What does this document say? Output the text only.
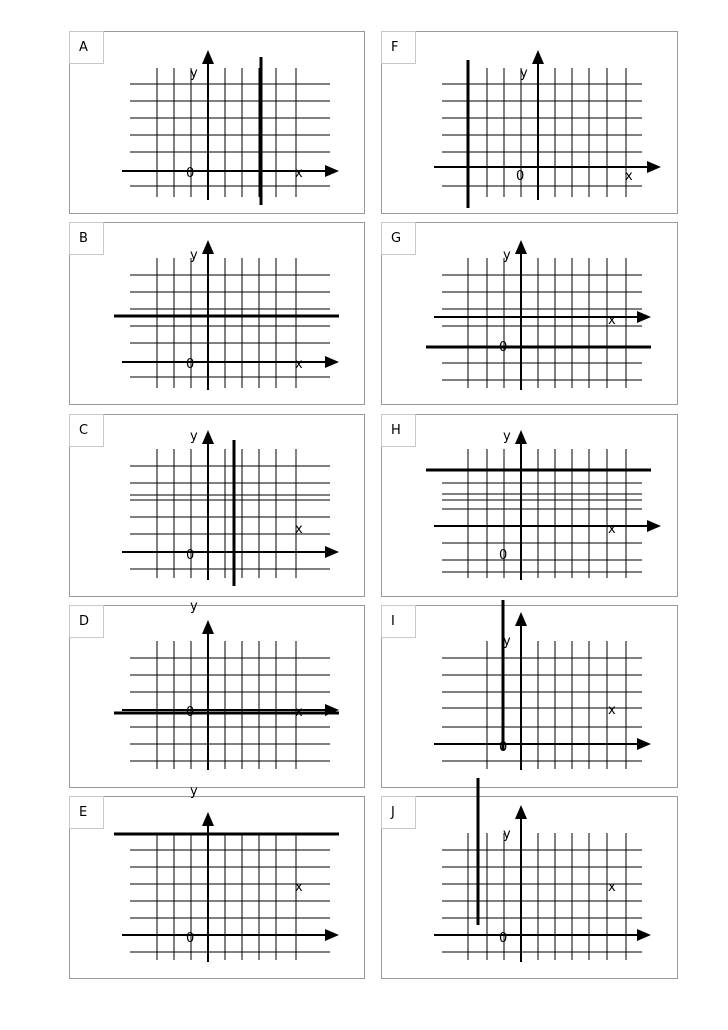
A
0
y
x
B
0
y
x
C
0
y
x
D
0
y
x
E
0
y
x
F
0
y
x
G
0
y
x
H
0
y
x
I
0
y
x
J
0
y
x
